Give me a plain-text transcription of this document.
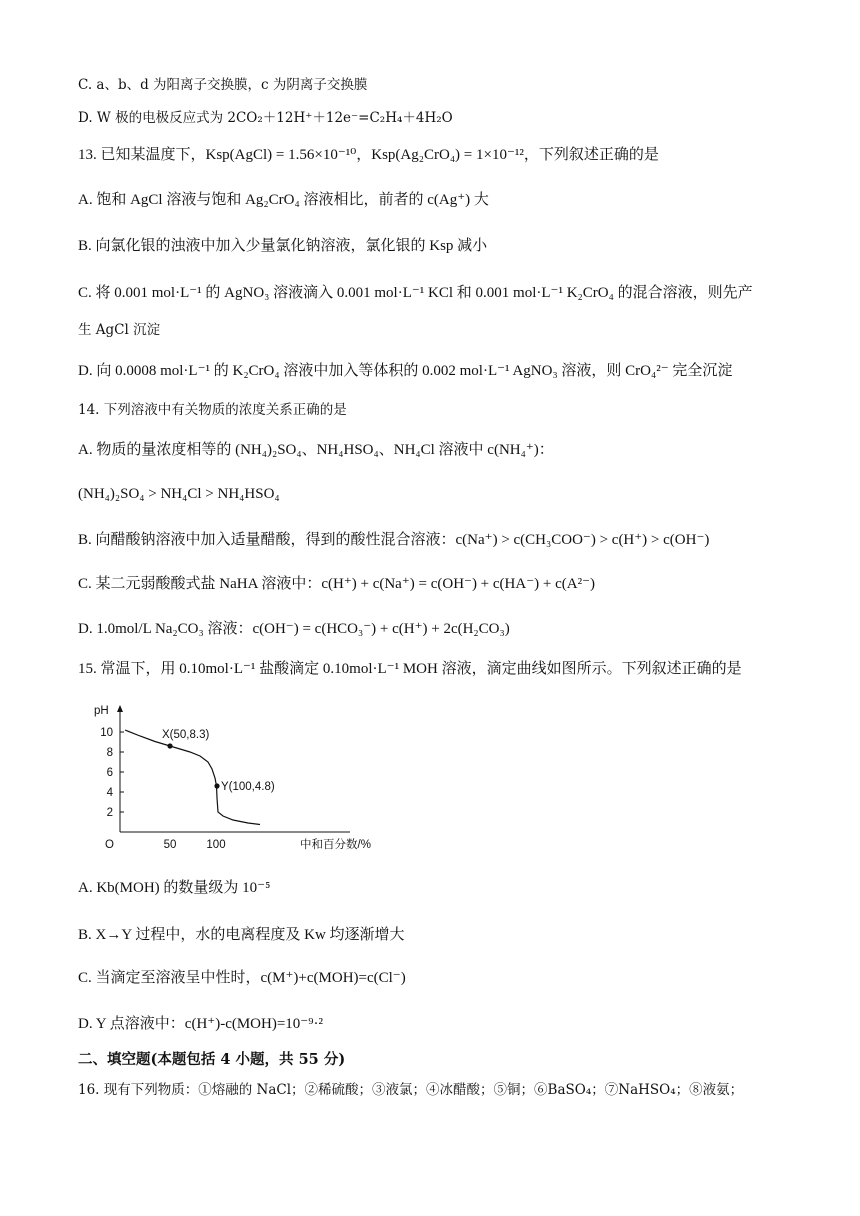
C. a、b、d 为阳离子交换膜，c 为阴离子交换膜
D. W 极的电极反应式为 2CO₂＋12H⁺＋12e⁻=C₂H₄＋4H₂O
13. 已知某温度下，Ksp(AgCl) = 1.56×10⁻¹⁰，Ksp(Ag₂CrO₄) = 1×10⁻¹²，下列叙述正确的是
A. 饱和 AgCl 溶液与饱和 Ag₂CrO₄ 溶液相比，前者的 c(Ag⁺) 大
B. 向氯化银的浊液中加入少量氯化钠溶液，氯化银的 Ksp 减小
C. 将 0.001 mol·L⁻¹ 的 AgNO₃ 溶液滴入 0.001 mol·L⁻¹ KCl 和 0.001 mol·L⁻¹ K₂CrO₄ 的混合溶液，则先产
生 AgCl 沉淀
D. 向 0.0008 mol·L⁻¹ 的 K₂CrO₄ 溶液中加入等体积的 0.002 mol·L⁻¹ AgNO₃ 溶液，则 CrO₄²⁻ 完全沉淀
14. 下列溶液中有关物质的浓度关系正确的是
A. 物质的量浓度相等的 (NH₄)₂SO₄、NH₄HSO₄、NH₄Cl 溶液中 c(NH₄⁺)：
(NH₄)₂SO₄ > NH₄Cl > NH₄HSO₄
B. 向醋酸钠溶液中加入适量醋酸，得到的酸性混合溶液：c(Na⁺) > c(CH₃COO⁻) > c(H⁺) > c(OH⁻)
C. 某二元弱酸酸式盐 NaHA 溶液中：c(H⁺) + c(Na⁺) = c(OH⁻) + c(HA⁻) + c(A²⁻)
D. 1.0mol/L Na₂CO₃ 溶液：c(OH⁻) = c(HCO₃⁻) + c(H⁺) + 2c(H₂CO₃)
15. 常温下，用 0.10mol·L⁻¹ 盐酸滴定 0.10mol·L⁻¹ MOH 溶液，滴定曲线如图所示。下列叙述正确的是
pH
O	中和百分数/%
10
8
6
4
2
50	100
X(50,8.3)
Y(100,4.8)
A. Kb(MOH) 的数量级为 10⁻⁵
B. X→Y 过程中，水的电离程度及 Kw 均逐渐增大
C. 当滴定至溶液呈中性时，c(M⁺)+c(MOH)=c(Cl⁻)
D. Y 点溶液中：c(H⁺)-c(MOH)=10⁻⁹·²
二、填空题(本题包括 4 小题，共 55 分)
16. 现有下列物质：①熔融的 NaCl；②稀硫酸；③液氯；④冰醋酸；⑤铜；⑥BaSO₄；⑦NaHSO₄；⑧液氨；
